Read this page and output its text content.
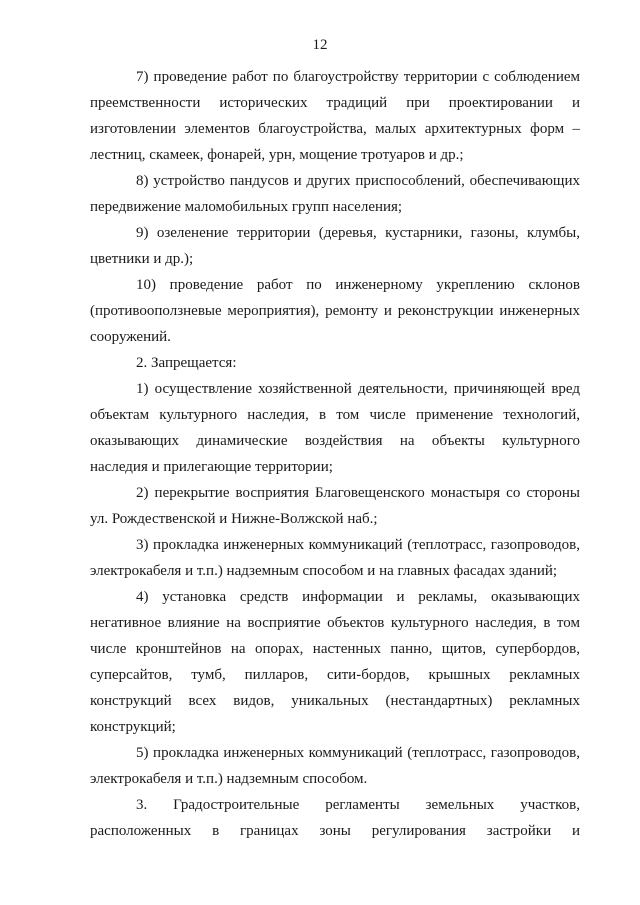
12
7) проведение работ по благоустройству территории с соблюдением
преемственности исторических традиций при проектировании и
изготовлении элементов благоустройства, малых архитектурных форм –
лестниц, скамеек, фонарей, урн, мощение тротуаров и др.;
8) устройство пандусов и других приспособлений, обеспечивающих
передвижение маломобильных групп населения;
9) озеленение территории (деревья, кустарники, газоны, клумбы,
цветники и др.);
10) проведение работ по инженерному укреплению склонов
(противооползневые мероприятия), ремонту и реконструкции инженерных
сооружений.
2. Запрещается:
1) осуществление хозяйственной деятельности, причиняющей вред
объектам культурного наследия, в том числе применение технологий,
оказывающих динамические воздействия на объекты культурного
наследия и прилегающие территории;
2) перекрытие восприятия Благовещенского монастыря со стороны
ул. Рождественской и Нижне-Волжской наб.;
3) прокладка инженерных коммуникаций (теплотрасс, газопроводов,
электрокабеля и т.п.) надземным способом и на главных фасадах зданий;
4) установка средств информации и рекламы, оказывающих
негативное влияние на восприятие объектов культурного наследия, в том
числе кронштейнов на опорах, настенных панно, щитов, супербордов,
суперсайтов, тумб, пилларов, сити-бордов, крышных рекламных
конструкций всех видов, уникальных (нестандартных) рекламных
конструкций;
5) прокладка инженерных коммуникаций (теплотрасс, газопроводов,
электрокабеля и т.п.) надземным способом.
3. Градостроительные регламенты земельных участков,
расположенных в границах зоны регулирования застройки и
